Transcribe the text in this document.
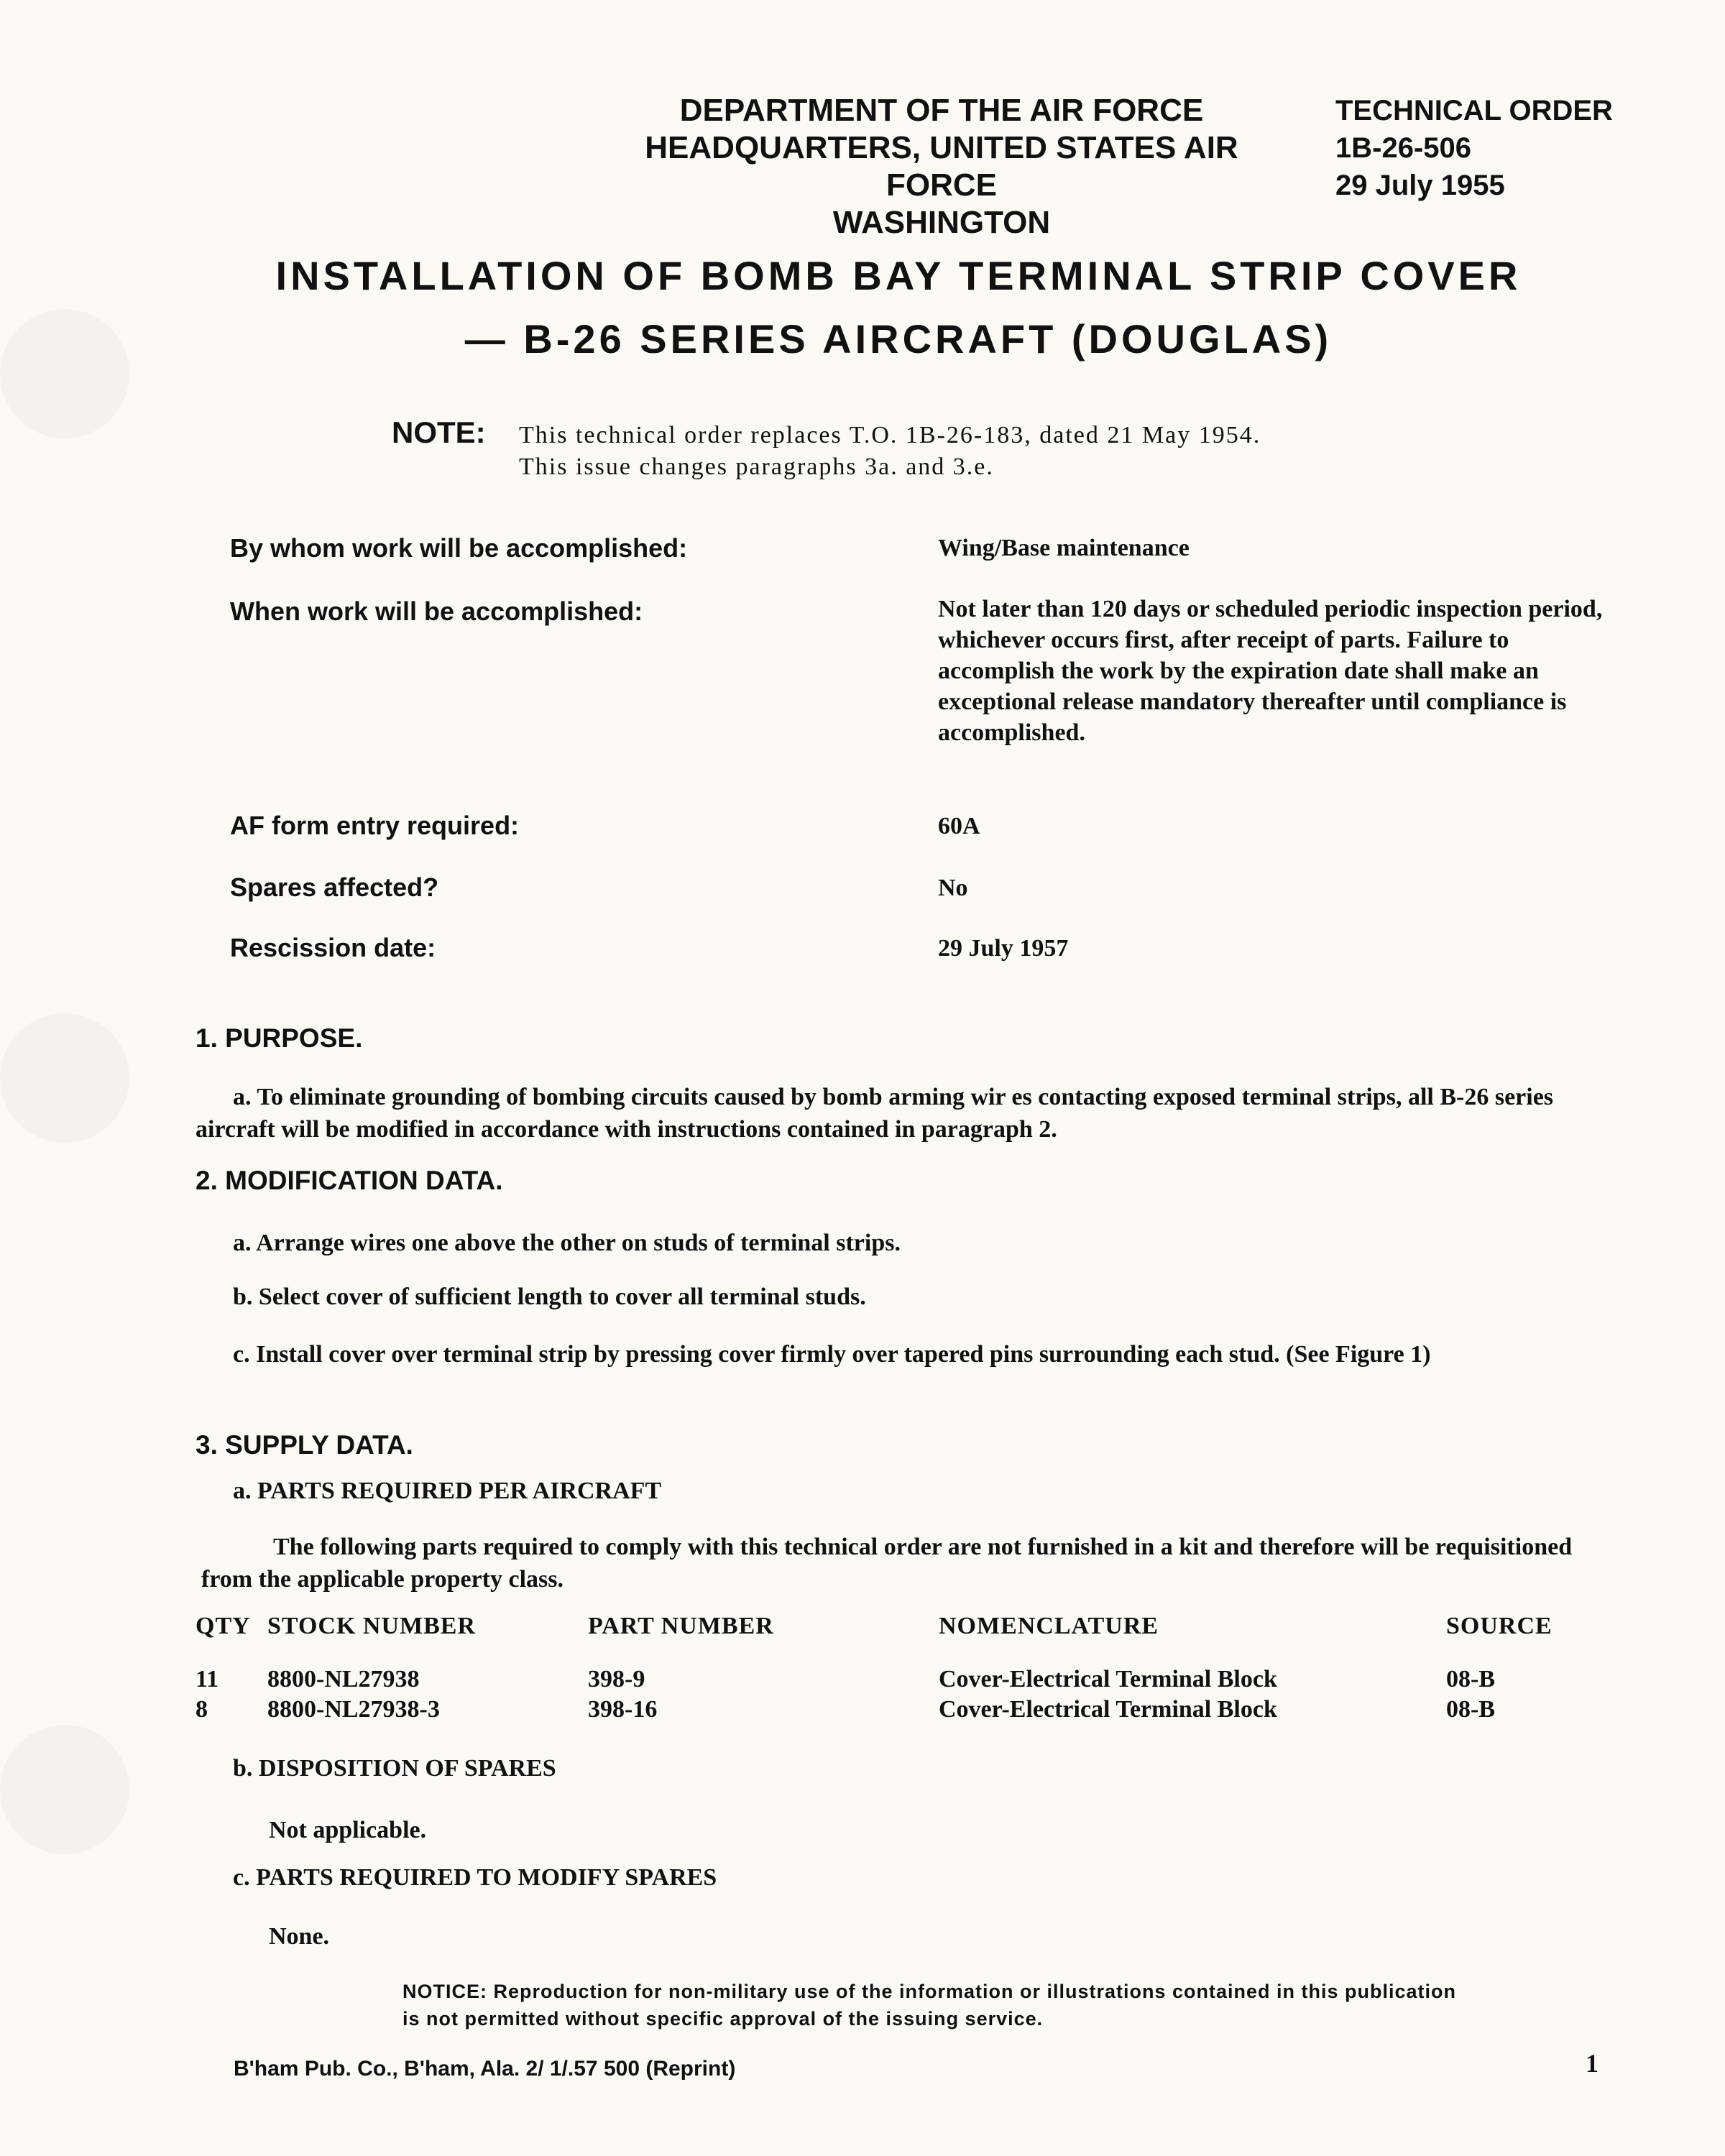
DEPARTMENT OF THE AIR FORCE
HEADQUARTERS, UNITED STATES AIR FORCE
WASHINGTON
TECHNICAL ORDER
1B-26-506
29 July 1955
INSTALLATION OF BOMB BAY TERMINAL STRIP COVER
— B-26 SERIES AIRCRAFT (DOUGLAS)
NOTE: This technical order replaces T.O. 1B-26-183, dated 21 May 1954.
This issue changes paragraphs 3a. and 3.e.
By whom work will be accomplished:	Wing/Base maintenance
When work will be accomplished:	Not later than 120 days or scheduled periodic inspection period, whichever occurs first, after receipt of parts. Failure to accomplish the work by the expiration date shall make an exceptional release mandatory thereafter until compliance is accomplished.
AF form entry required:	60A
Spares affected?	No
Rescission date:	29 July 1957
1. PURPOSE.
a. To eliminate grounding of bombing circuits caused by bomb arming wir es contacting exposed terminal strips, all B-26 series aircraft will be modified in accordance with instructions contained in paragraph 2.
2. MODIFICATION DATA.
a. Arrange wires one above the other on studs of terminal strips.
b. Select cover of sufficient length to cover all terminal studs.
c. Install cover over terminal strip by pressing cover firmly over tapered pins surrounding each stud. (See Figure 1)
3. SUPPLY DATA.
a. PARTS REQUIRED PER AIRCRAFT
The following parts required to comply with this technical order are not furnished in a kit and therefore will be requisitioned from the applicable property class.
QTY	STOCK NUMBER	PART NUMBER	NOMENCLATURE	SOURCE
11	8800-NL27938	398-9	Cover-Electrical Terminal Block	08-B
8	8800-NL27938-3	398-16	Cover-Electrical Terminal Block	08-B
b. DISPOSITION OF SPARES
Not applicable.
c. PARTS REQUIRED TO MODIFY SPARES
None.
NOTICE: Reproduction for non-military use of the information or illustrations contained in this publication is not permitted without specific approval of the issuing service.
B'ham Pub. Co., B'ham, Ala. 2/ 1/.57 500 (Reprint)	1
